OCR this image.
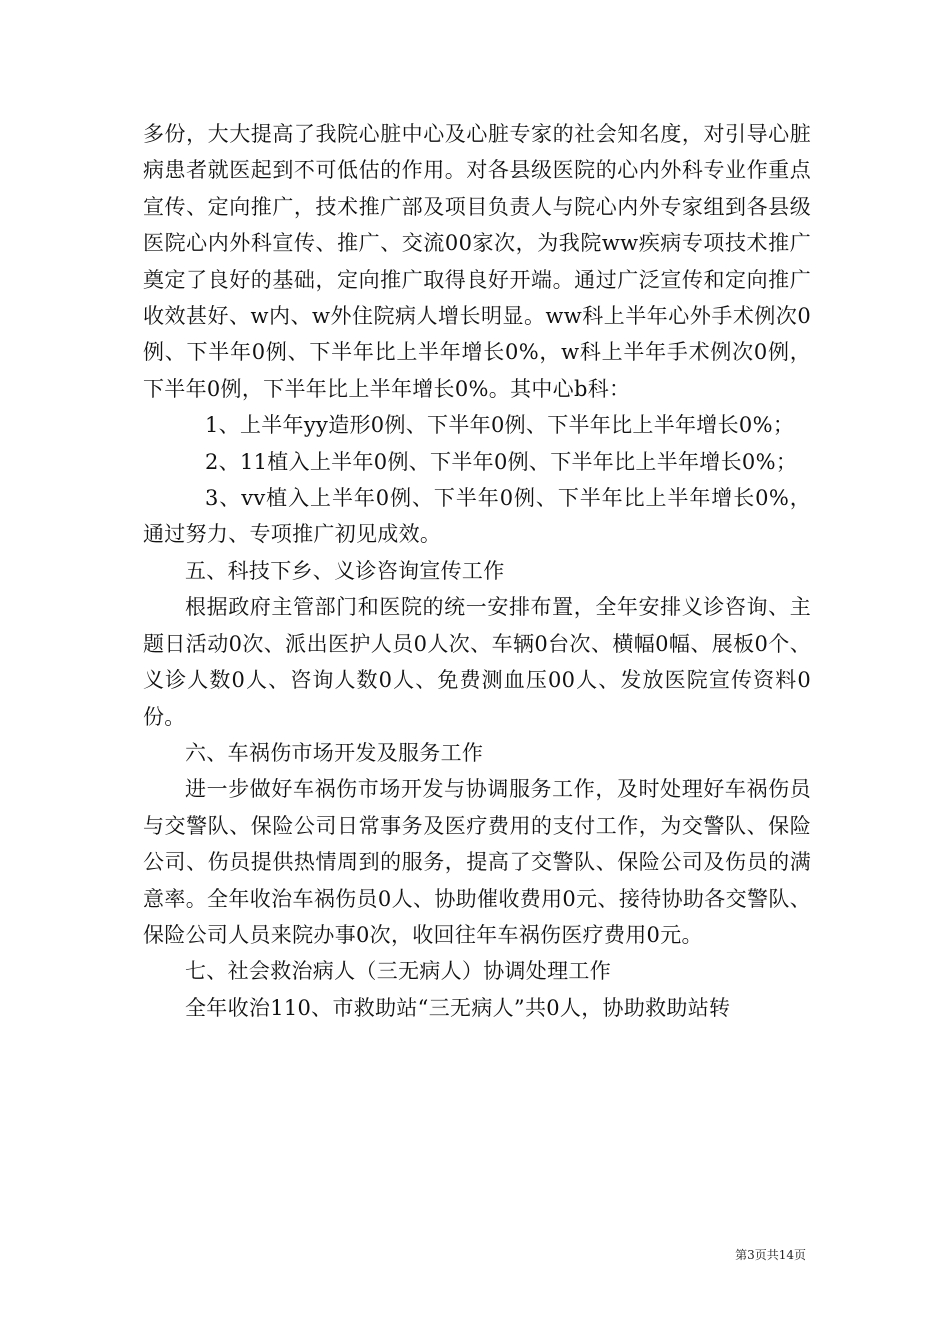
多份，大大提高了我院心脏中心及心脏专家的社会知名度，对引导心脏病患者就医起到不可低估的作用。对各县级医院的心内外科专业作重点宣传、定向推广，技术推广部及项目负责人与院心内外专家组到各县级医院心内外科宣传、推广、交流00家次，为我院ww疾病专项技术推广奠定了良好的基础，定向推广取得良好开端。通过广泛宣传和定向推广收效甚好、w内、w外住院病人增长明显。ww科上半年心外手术例次0例、下半年0例、下半年比上半年增长0%，w科上半年手术例次0例，下半年0例，下半年比上半年增长0%。其中心b科：

1、上半年yy造形0例、下半年0例、下半年比上半年增长0%；

2、11植入上半年0例、下半年0例、下半年比上半年增长0%；

3、vv植入上半年0例、下半年0例、下半年比上半年增长0%，通过努力、专项推广初见成效。

五、科技下乡、义诊咨询宣传工作

根据政府主管部门和医院的统一安排布置，全年安排义诊咨询、主题日活动0次、派出医护人员0人次、车辆0台次、横幅0幅、展板0个、义诊人数0人、咨询人数0人、免费测血压00人、发放医院宣传资料0份。

六、车祸伤市场开发及服务工作

进一步做好车祸伤市场开发与协调服务工作，及时处理好车祸伤员与交警队、保险公司日常事务及医疗费用的支付工作，为交警队、保险公司、伤员提供热情周到的服务，提高了交警队、保险公司及伤员的满意率。全年收治车祸伤员0人、协助催收费用0元、接待协助各交警队、保险公司人员来院办事0次，收回往年车祸伤医疗费用0元。

七、社会救治病人（三无病人）协调处理工作

全年收治110、市救助站“三无病人”共0人，协助救助站转

第3页共14页
